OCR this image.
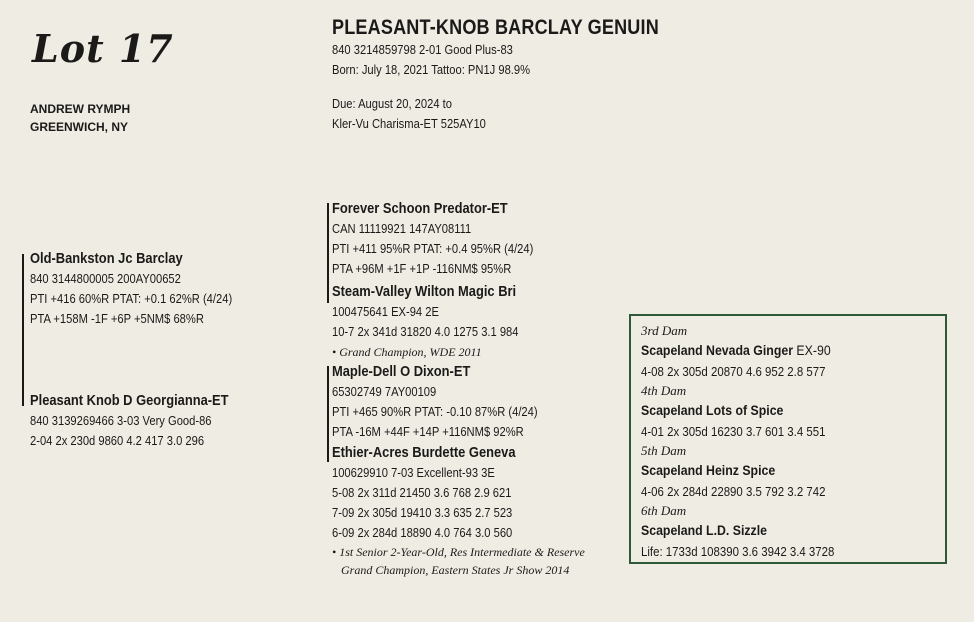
Lot 17
ANDREW RYMPH
GREENWICH, NY
PLEASANT-KNOB BARCLAY GENUIN
840 3214859798 2-01 Good Plus-83
Born: July 18, 2021 Tattoo: PN1J 98.9%
Due: August 20, 2024 to
Kler-Vu Charisma-ET 525AY10
Old-Bankston Jc Barclay
840 3144800005 200AY00652
PTI +416 60%R PTAT: +0.1 62%R (4/24)
PTA +158M -1F +6P +5NM$ 68%R
Pleasant Knob D Georgianna-ET
840 3139269466 3-03 Very Good-86
2-04 2x 230d 9860 4.2 417 3.0 296
Forever Schoon Predator-ET
CAN 11119921 147AY08111
PTI +411 95%R PTAT: +0.4 95%R (4/24)
PTA +96M +1F +1P -116NM$ 95%R
Steam-Valley Wilton Magic Bri
100475641 EX-94 2E
10-7 2x 341d 31820 4.0 1275 3.1 984
• Grand Champion, WDE 2011
Maple-Dell O Dixon-ET
65302749 7AY00109
PTI +465 90%R PTAT: -0.10 87%R (4/24)
PTA -16M +44F +14P +116NM$ 92%R
Ethier-Acres Burdette Geneva
100629910 7-03 Excellent-93 3E
5-08 2x 311d 21450 3.6 768 2.9 621
7-09 2x 305d 19410 3.3 635 2.7 523
6-09 2x 284d 18890 4.0 764 3.0 560
• 1st Senior 2-Year-Old, Res Intermediate & Reserve
Grand Champion, Eastern States Jr Show 2014
3rd Dam
Scapeland Nevada Ginger EX-90
4-08 2x 305d 20870 4.6 952 2.8 577
4th Dam
Scapeland Lots of Spice
4-01 2x 305d 16230 3.7 601 3.4 551
5th Dam
Scapeland Heinz Spice
4-06 2x 284d 22890 3.5 792 3.2 742
6th Dam
Scapeland L.D. Sizzle
Life: 1733d 108390 3.6 3942 3.4 3728
